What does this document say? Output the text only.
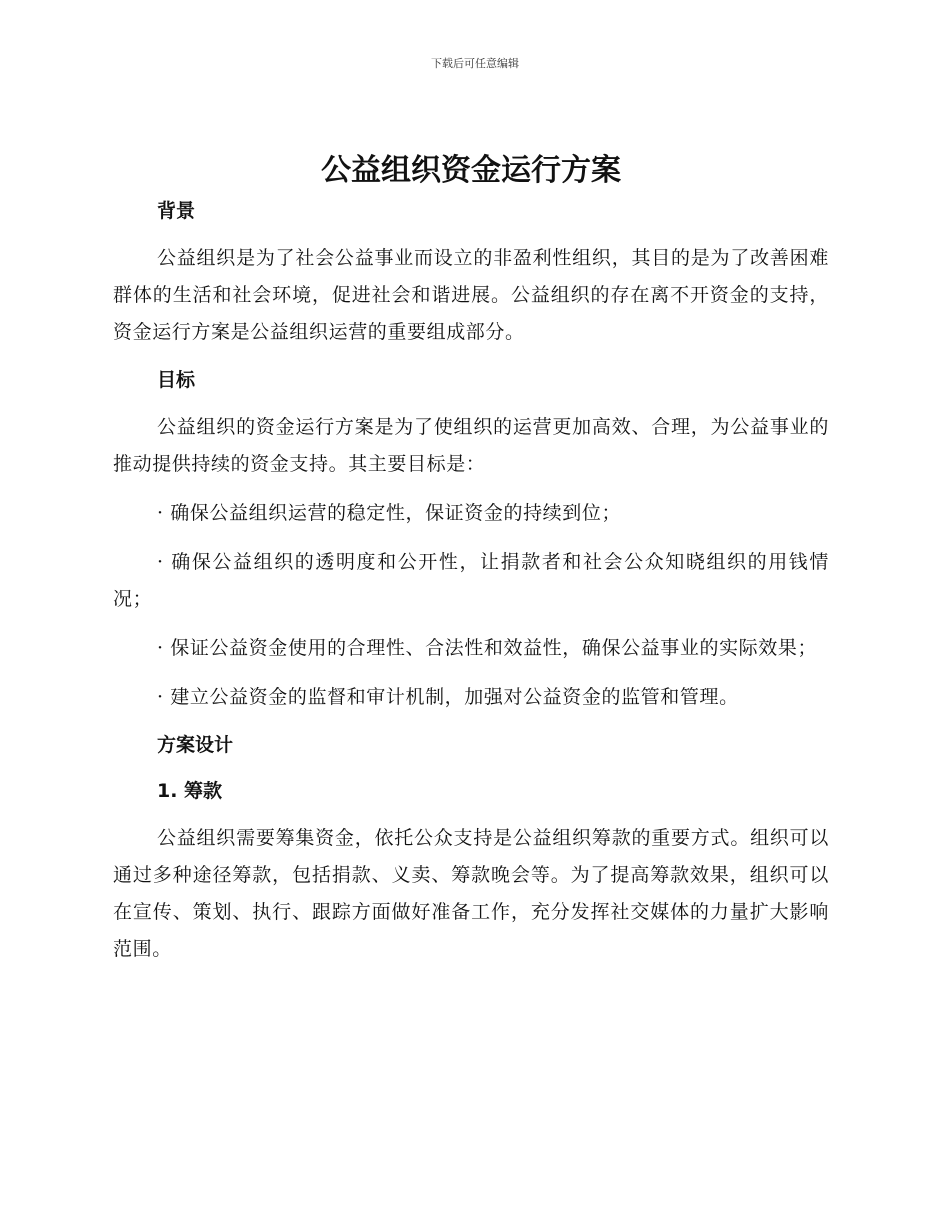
下载后可任意编辑
公益组织资金运行方案
背景

公益组织是为了社会公益事业而设立的非盈利性组织，其目的是为了改善困难群体的生活和社会环境，促进社会和谐进展。公益组织的存在离不开资金的支持，资金运行方案是公益组织运营的重要组成部分。

目标

公益组织的资金运行方案是为了使组织的运营更加高效、合理，为公益事业的推动提供持续的资金支持。其主要目标是：

· 确保公益组织运营的稳定性，保证资金的持续到位；

· 确保公益组织的透明度和公开性，让捐款者和社会公众知晓组织的用钱情况；

· 保证公益资金使用的合理性、合法性和效益性，确保公益事业的实际效果；

· 建立公益资金的监督和审计机制，加强对公益资金的监管和管理。

方案设计
1. 筹款

公益组织需要筹集资金，依托公众支持是公益组织筹款的重要方式。组织可以通过多种途径筹款，包括捐款、义卖、筹款晚会等。为了提高筹款效果，组织可以在宣传、策划、执行、跟踪方面做好准备工作，充分发挥社交媒体的力量扩大影响范围。
